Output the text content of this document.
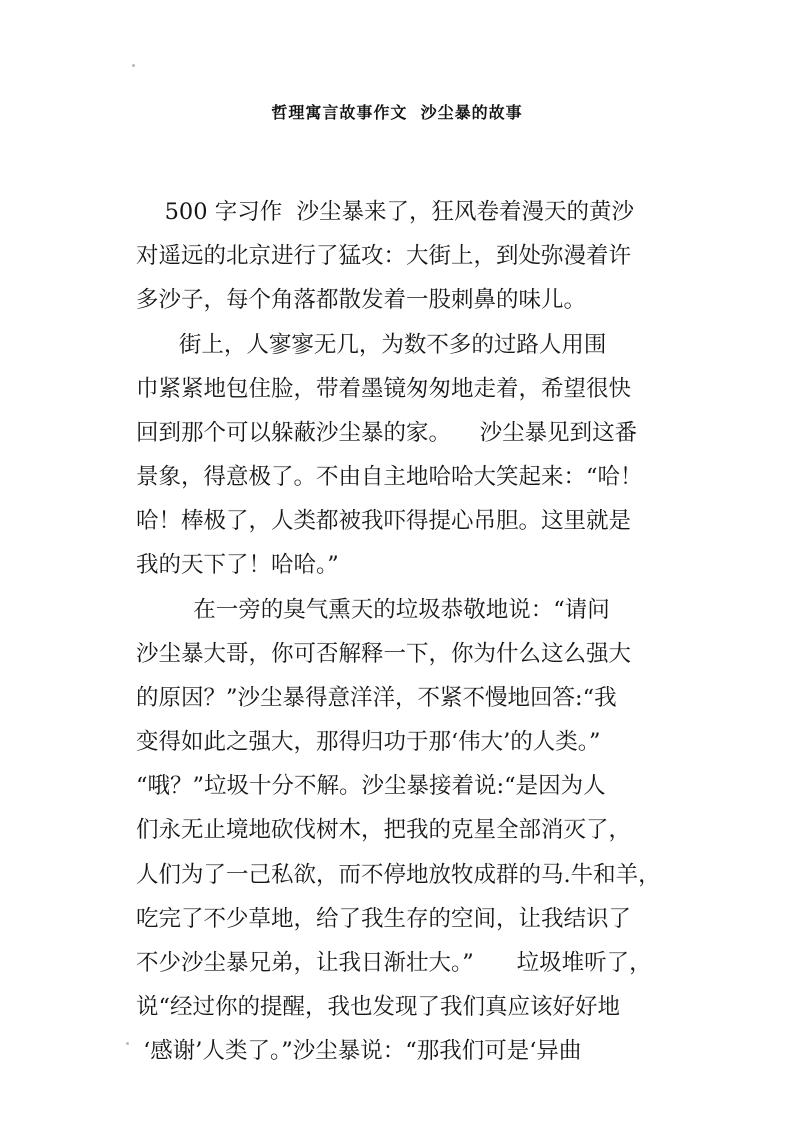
哲理寓言故事作文  沙尘暴的故事
500 字习作  沙尘暴来了，狂风卷着漫天的黄沙
对遥远的北京进行了猛攻：大街上，到处弥漫着许
多沙子，每个角落都散发着一股刺鼻的味儿。
街上，人寥寥无几，为数不多的过路人用围
巾紧紧地包住脸，带着墨镜匆匆地走着，希望很快
回到那个可以躲蔽沙尘暴的家。    沙尘暴见到这番
景象，得意极了。不由自主地哈哈大笑起来：“哈！
哈！棒极了，人类都被我吓得提心吊胆。这里就是
我的天下了！哈哈。”
在一旁的臭气熏天的垃圾恭敬地说：“请问
沙尘暴大哥，你可否解释一下，你为什么这么强大
的原因？”沙尘暴得意洋洋，不紧不慢地回答:“我
变得如此之强大，那得归功于那‘伟大’的人类。”
“哦？”垃圾十分不解。沙尘暴接着说:“是因为人
们永无止境地砍伐树木，把我的克星全部消灭了，
人们为了一己私欲，而不停地放牧成群的马.牛和羊，
吃完了不少草地，给了我生存的空间，让我结识了
不少沙尘暴兄弟，让我日渐壮大。”      垃圾堆听了，
说“经过你的提醒，我也发现了我们真应该好好地
‘感谢’人类了。”沙尘暴说：“那我们可是‘异曲
